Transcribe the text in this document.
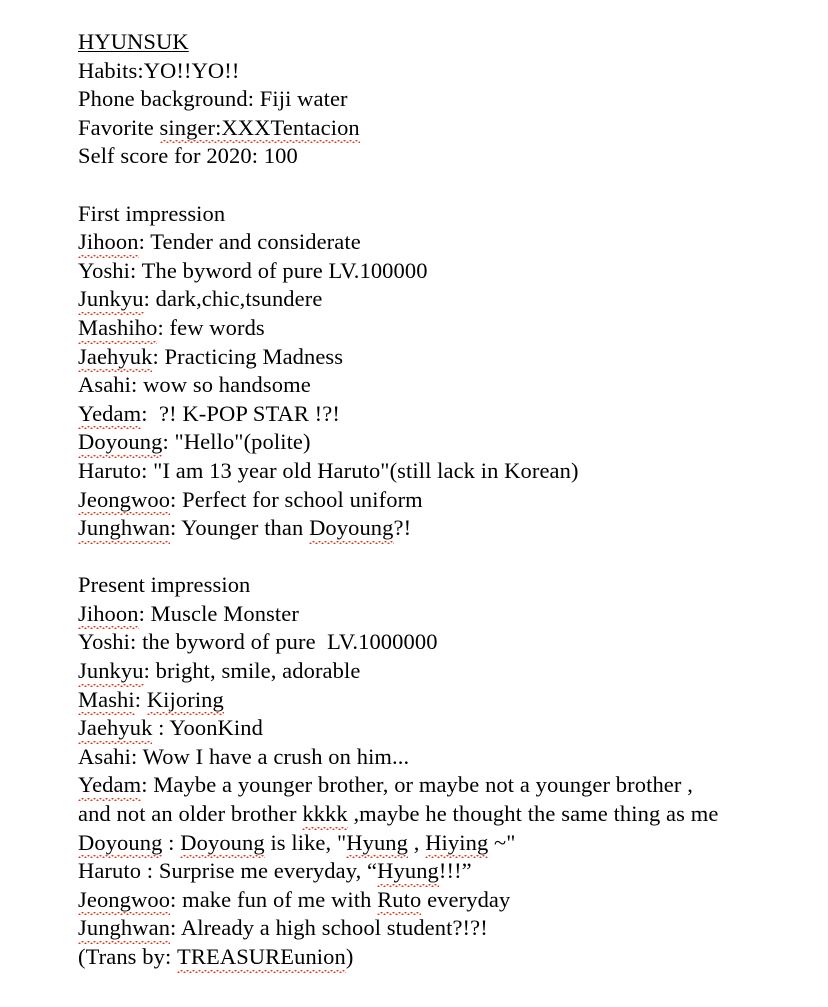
HYUNSUK
Habits:YO!!YO!!
Phone background: Fiji water
Favorite singer:XXXTentacion
Self score for 2020: 100
First impression
Jihoon: Tender and considerate
Yoshi: The byword of pure LV.100000
Junkyu: dark,chic,tsundere
Mashiho: few words
Jaehyuk: Practicing Madness
Asahi: wow so handsome
Yedam:  ?! K-POP STAR !?!
Doyoung: "Hello"(polite)
Haruto: "I am 13 year old Haruto"(still lack in Korean)
Jeongwoo: Perfect for school uniform
Junghwan: Younger than Doyoung?!
Present impression
Jihoon: Muscle Monster
Yoshi: the byword of pure  LV.1000000
Junkyu: bright, smile, adorable
Mashi: Kijoring
Jaehyuk : YoonKind
Asahi: Wow I have a crush on him...
Yedam: Maybe a younger brother, or maybe not a younger brother ,
and not an older brother kkkk ,maybe he thought the same thing as me
Doyoung : Doyoung is like, "Hyung , Hiying ~"
Haruto : Surprise me everyday, “Hyung!!!”
Jeongwoo: make fun of me with Ruto everyday
Junghwan: Already a high school student?!?!
(Trans by: TREASUREunion)
